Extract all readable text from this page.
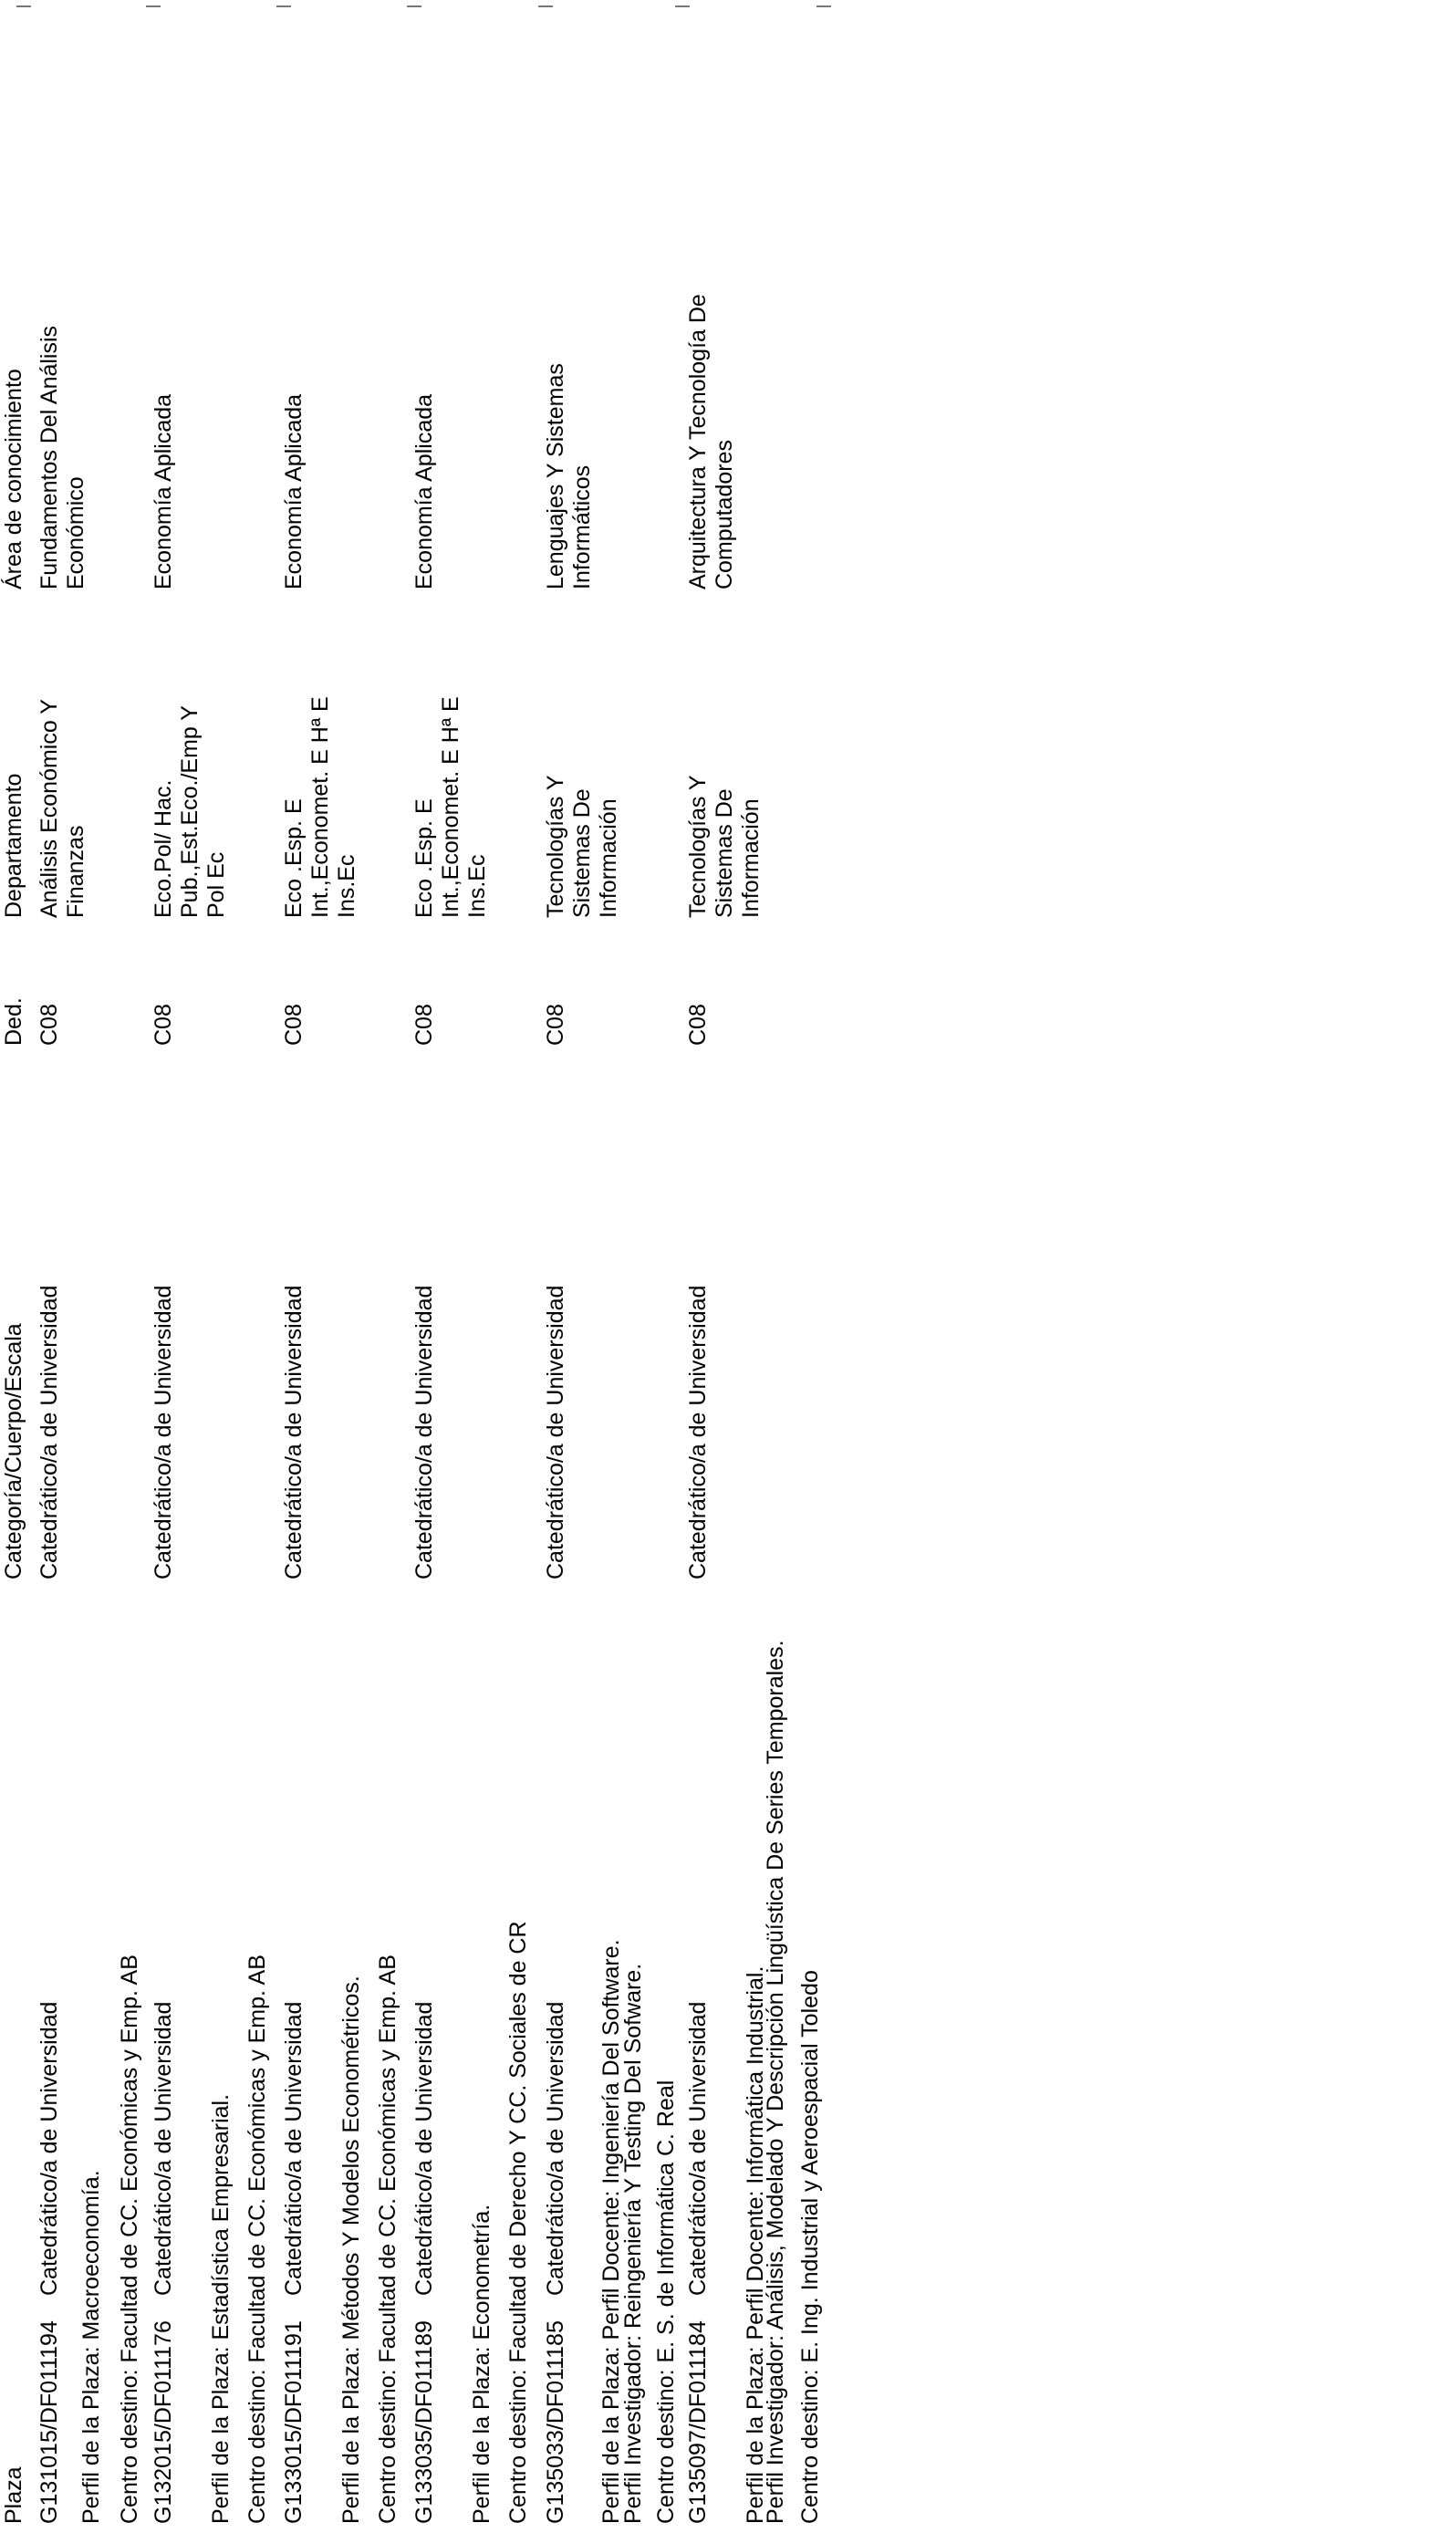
Plaza
Categoría/Cuerpo/Escala
Ded.
Departamento
Área de conocimiento
G131015/DF011194
Catedrático/a de Universidad
Catedrático/a de Universidad
C08
Análisis Económico Y Finanzas
Fundamentos Del Análisis Económico
Perfil de la Plaza: Macroeconomía. Centro destino: Facultad de CC. Económicas y Emp. AB G132015/DF011176
Catedrático/a de Universidad
Catedrático/a de Universidad
C08
Eco.Pol/ Hac. Pub.,Est.Eco./Emp Y Pol Ec
Economía Aplicada
Perfil de la Plaza: Estadística Empresarial. Centro destino: Facultad de CC. Económicas y Emp. AB G133015/DF011191
Catedrático/a de Universidad
Catedrático/a de Universidad
C08
Eco .Esp. E Int.,Economet. E Hª E Ins.Ec
Economía Aplicada
Perfil de la Plaza: Métodos Y Modelos Econométricos. Centro destino: Facultad de CC. Económicas y Emp. AB G133035/DF011189
Catedrático/a de Universidad
Catedrático/a de Universidad
C08
Eco .Esp. E Int.,Economet. E Hª E Ins.Ec
Economía Aplicada
Perfil de la Plaza: Econometría. Centro destino: Facultad de Derecho Y CC. Sociales de CR G135033/DF011185
Catedrático/a de Universidad
Catedrático/a de Universidad
C08
Tecnologías Y Sistemas De Información
Lenguajes Y Sistemas Informáticos
Perfil de la Plaza: Perfil Docente: Ingeniería Del Software.
Perfil Investigador: Reingeniería Y Testing Del Sofware. Centro destino: E. S. de Informática C. Real G135097/DF011184
Catedrático/a de Universidad
Catedrático/a de Universidad
C08
Tecnologías Y Sistemas De Información
Arquitectura Y Tecnología De Computadores
Perfil de la Plaza: Perfil Docente: Informática Industrial.
Perfil Investigador: Análisis, Modelado Y Descripción Lingüística De Series Temporales. Centro destino: E. Ing. Industrial y Aeroespacial Toledo
